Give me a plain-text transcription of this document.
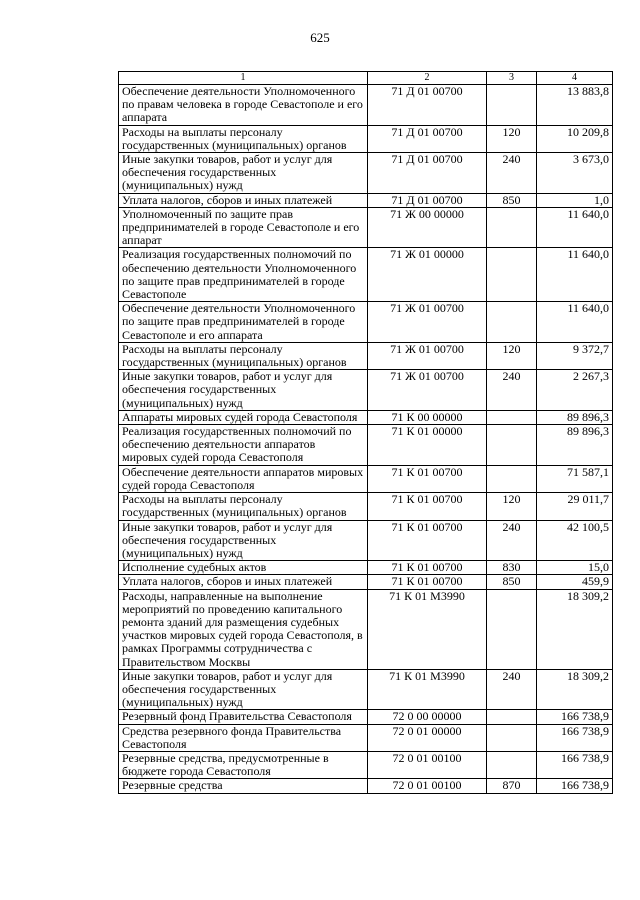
625
1	2	3	4
Обеспечение деятельности Уполномоченного по правам человека в городе Севастополе и его аппарата	71 Д 01 00700		13 883,8
Расходы на выплаты персоналу государственных (муниципальных) органов	71 Д 01 00700	120	10 209,8
Иные закупки товаров, работ и услуг для обеспечения государственных (муниципальных) нужд	71 Д 01 00700	240	3 673,0
Уплата налогов, сборов и иных платежей	71 Д 01 00700	850	1,0
Уполномоченный по защите прав предпринимателей в городе Севастополе и его аппарат	71 Ж 00 00000		11 640,0
Реализация государственных полномочий по обеспечению деятельности Уполномоченного по защите прав предпринимателей в городе Севастополе	71 Ж 01 00000		11 640,0
Обеспечение деятельности Уполномоченного по защите прав предпринимателей в городе Севастополе и его аппарата	71 Ж 01 00700		11 640,0
Расходы на выплаты персоналу государственных (муниципальных) органов	71 Ж 01 00700	120	9 372,7
Иные закупки товаров, работ и услуг для обеспечения государственных (муниципальных) нужд	71 Ж 01 00700	240	2 267,3
Аппараты мировых судей города Севастополя	71 К 00 00000		89 896,3
Реализация государственных полномочий по обеспечению деятельности аппаратов мировых судей города Севастополя	71 К 01 00000		89 896,3
Обеспечение деятельности аппаратов мировых судей города Севастополя	71 К 01 00700		71 587,1
Расходы на выплаты персоналу государственных (муниципальных) органов	71 К 01 00700	120	29 011,7
Иные закупки товаров, работ и услуг для обеспечения государственных (муниципальных) нужд	71 К 01 00700	240	42 100,5
Исполнение судебных актов	71 К 01 00700	830	15,0
Уплата налогов, сборов и иных платежей	71 К 01 00700	850	459,9
Расходы, направленные на выполнение мероприятий по проведению капитального ремонта зданий для размещения судебных участков мировых судей города Севастополя, в рамках Программы сотрудничества с Правительством Москвы	71 К 01 М3990		18 309,2
Иные закупки товаров, работ и услуг для обеспечения государственных (муниципальных) нужд	71 К 01 М3990	240	18 309,2
Резервный фонд Правительства Севастополя	72 0 00 00000		166 738,9
Средства резервного фонда Правительства Севастополя	72 0 01 00000		166 738,9
Резервные средства, предусмотренные в бюджете города Севастополя	72 0 01 00100		166 738,9
Резервные средства	72 0 01 00100	870	166 738,9
